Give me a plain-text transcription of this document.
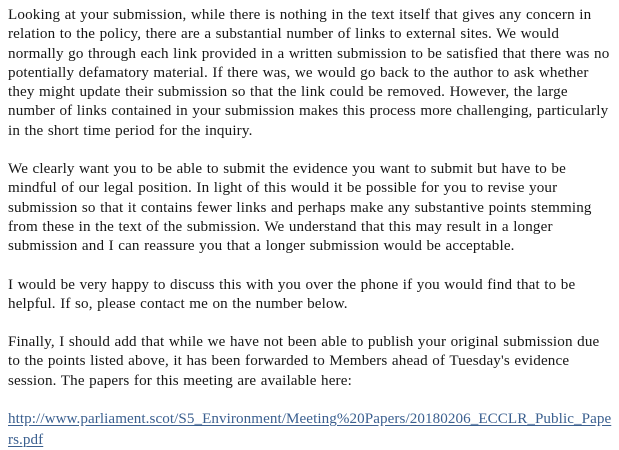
Looking at your submission, while there is nothing in the text itself that gives any concern in relation to the policy, there are a substantial number of links to external sites. We would normally go through each link provided in a written submission to be satisfied that there was no potentially defamatory material. If there was, we would go back to the author to ask whether they might update their submission so that the link could be removed. However, the large number of links contained in your submission makes this process more challenging, particularly in the short time period for the inquiry.

We clearly want you to be able to submit the evidence you want to submit but have to be mindful of our legal position. In light of this would it be possible for you to revise your submission so that it contains fewer links and perhaps make any substantive points stemming from these in the text of the submission. We understand that this may result in a longer submission and I can reassure you that a longer submission would be acceptable.

I would be very happy to discuss this with you over the phone if you would find that to be helpful. If so, please contact me on the number below.

Finally, I should add that while we have not been able to publish your original submission due to the points listed above, it has been forwarded to Members ahead of Tuesday's evidence session. The papers for this meeting are available here:

http://www.parliament.scot/S5_Environment/Meeting%20Papers/20180206_ECCLR_Public_Papers.pdf
